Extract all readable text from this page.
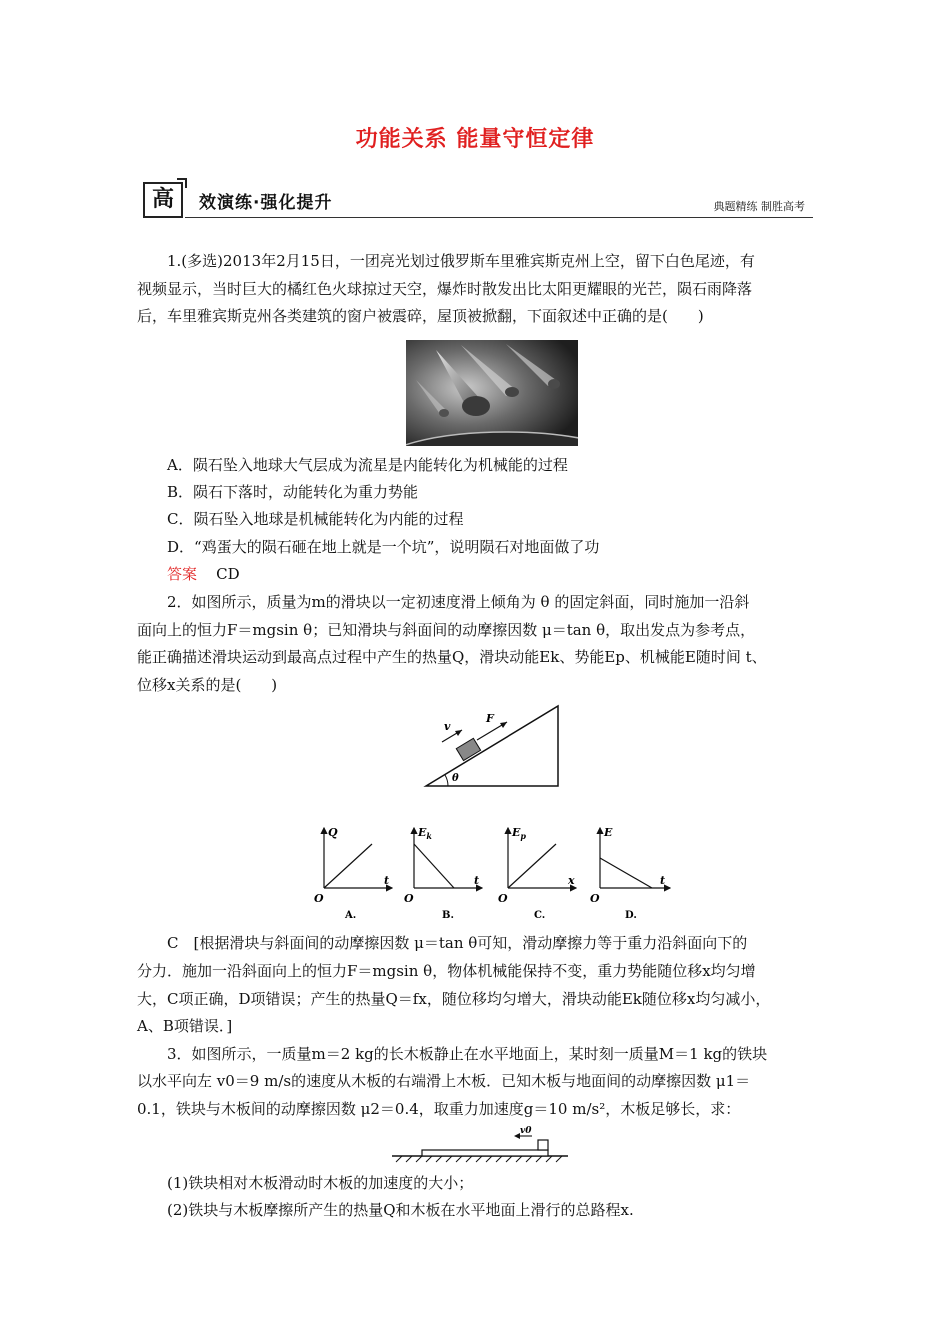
功能关系 能量守恒定律
高	效演练·强化提升	典题精练 制胜高考
1.(多选)2013年2月15日，一团亮光划过俄罗斯车里雅宾斯克州上空，留下白色尾迹，有
视频显示，当时巨大的橘红色火球掠过天空，爆炸时散发出比太阳更耀眼的光芒，陨石雨降落
后，车里雅宾斯克州各类建筑的窗户被震碎，屋顶被掀翻，下面叙述中正确的是(　　)
A．陨石坠入地球大气层成为流星是内能转化为机械能的过程
B．陨石下落时，动能转化为重力势能
C．陨石坠入地球是机械能转化为内能的过程
D．“鸡蛋大的陨石砸在地上就是一个坑”，说明陨石对地面做了功
答案 CD
2．如图所示，质量为m的滑块以一定初速度滑上倾角为 θ 的固定斜面，同时施加一沿斜
面向上的恒力F＝mgsin θ；已知滑块与斜面间的动摩擦因数 μ＝tan θ，取出发点为参考点，
能正确描述滑块运动到最高点过程中产生的热量Q，滑块动能Ek、势能Ep、机械能E随时间 t、
位移x关系的是(　　)
v
F
θ
Q
t
O
A.
$E_k$
t
O
B.
$E_p$
x
O
C.
E
t
O
D.
C　[根据滑块与斜面间的动摩擦因数 μ＝tan θ可知，滑动摩擦力等于重力沿斜面向下的
分力．施加一沿斜面向上的恒力F＝mgsin θ，物体机械能保持不变，重力势能随位移x均匀增
大，C项正确，D项错误；产生的热量Q＝fx，随位移均匀增大，滑块动能Ek随位移x均匀减小，
A、B项错误．]
3．如图所示，一质量m＝2 kg的长木板静止在水平地面上，某时刻一质量M＝1 kg的铁块
以水平向左 v0＝9 m/s的速度从木板的右端滑上木板．已知木板与地面间的动摩擦因数 μ1＝
0.1，铁块与木板间的动摩擦因数 μ2＝0.4，取重力加速度g＝10 m/s²，木板足够长，求：
v0
(1)铁块相对木板滑动时木板的加速度的大小；
(2)铁块与木板摩擦所产生的热量Q和木板在水平地面上滑行的总路程x.
